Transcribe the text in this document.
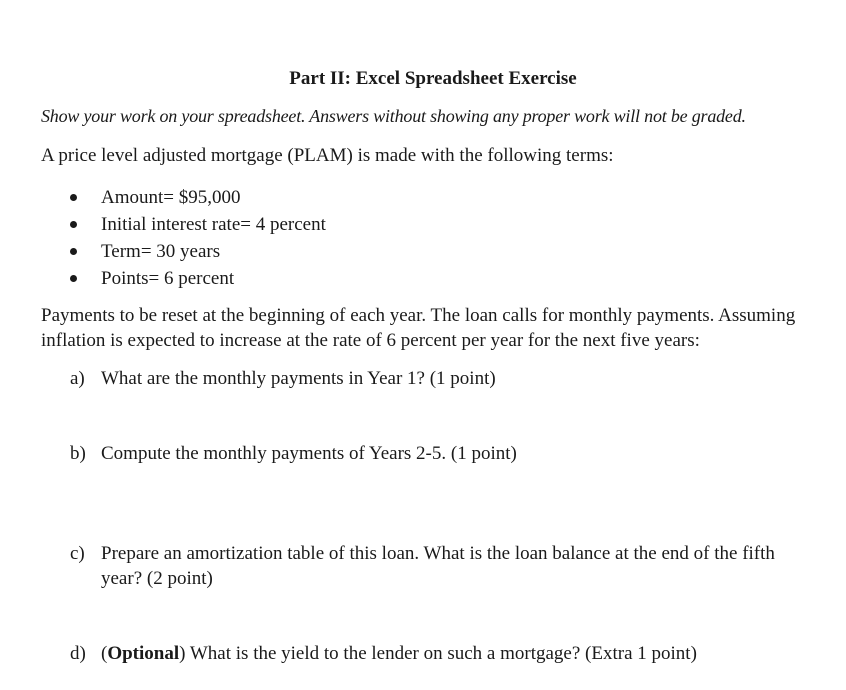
Part II: Excel Spreadsheet Exercise
Show your work on your spreadsheet. Answers without showing any proper work will not be graded.
A price level adjusted mortgage (PLAM) is made with the following terms:
Amount= $95,000
Initial interest rate= 4 percent
Term= 30 years
Points= 6 percent
Payments to be reset at the beginning of each year. The loan calls for monthly payments. Assuming inflation is expected to increase at the rate of 6 percent per year for the next five years:
a) What are the monthly payments in Year 1? (1 point)
b) Compute the monthly payments of Years 2-5. (1 point)
c) Prepare an amortization table of this loan. What is the loan balance at the end of the fifth year? (2 point)
d) (Optional) What is the yield to the lender on such a mortgage? (Extra 1 point)
